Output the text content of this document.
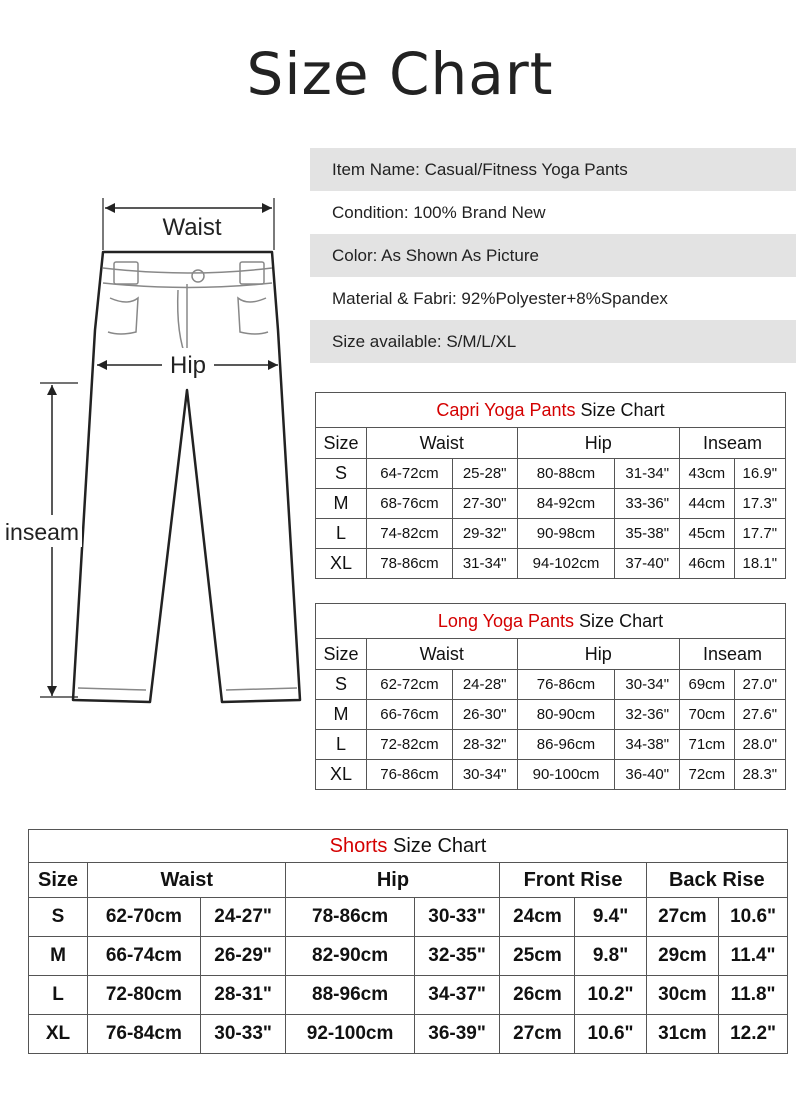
Size Chart
Item Name: Casual/Fitness Yoga Pants
Condition: 100% Brand New
Color: As Shown As Picture
Material & Fabri: 92%Polyester+8%Spandex
Size available: S/M/L/XL
Waist
Hip
inseam
Capri Yoga Pants Size Chart						
Size	Waist		Hip		Inseam	
S	64-72cm	25-28"	80-88cm	31-34"	43cm	16.9"
M	68-76cm	27-30"	84-92cm	33-36"	44cm	17.3"
L	74-82cm	29-32"	90-98cm	35-38"	45cm	17.7"
XL	78-86cm	31-34"	94-102cm	37-40"	46cm	18.1"
Long Yoga Pants Size Chart						
Size	Waist		Hip		Inseam	
S	62-72cm	24-28"	76-86cm	30-34"	69cm	27.0"
M	66-76cm	26-30"	80-90cm	32-36"	70cm	27.6"
L	72-82cm	28-32"	86-96cm	34-38"	71cm	28.0"
XL	76-86cm	30-34"	90-100cm	36-40"	72cm	28.3"
Shorts Size Chart								
Size	Waist		Hip		Front Rise		Back Rise	
S	62-70cm	24-27"	78-86cm	30-33"	24cm	9.4"	27cm	10.6"
M	66-74cm	26-29"	82-90cm	32-35"	25cm	9.8"	29cm	11.4"
L	72-80cm	28-31"	88-96cm	34-37"	26cm	10.2"	30cm	11.8"
XL	76-84cm	30-33"	92-100cm	36-39"	27cm	10.6"	31cm	12.2"
